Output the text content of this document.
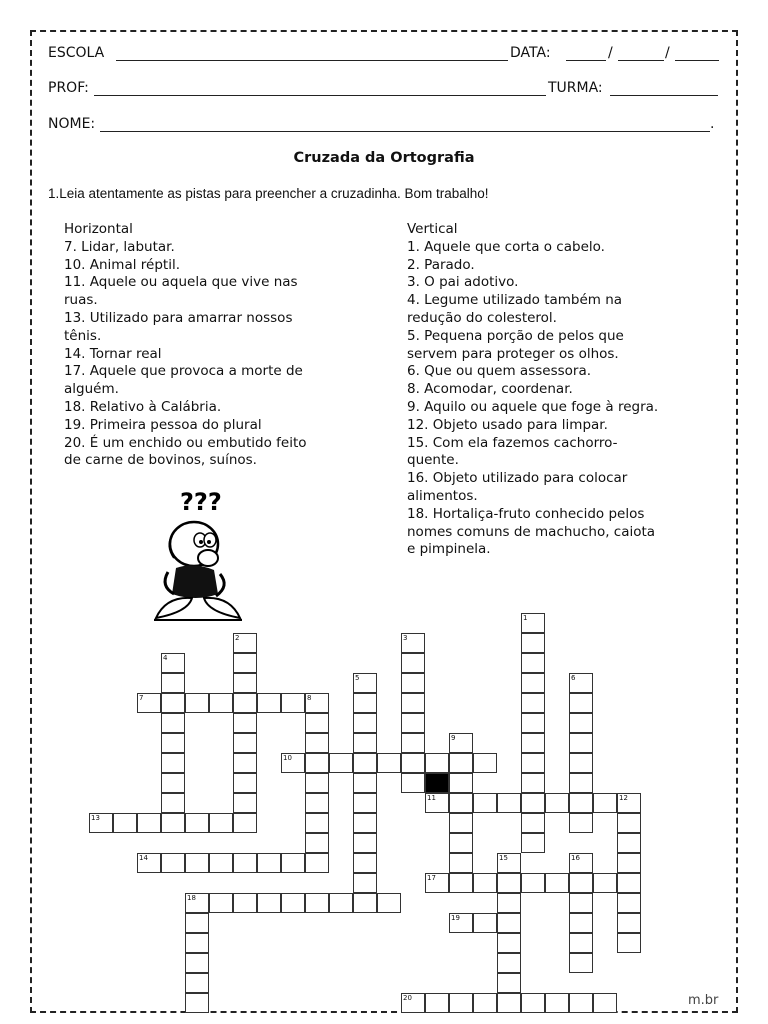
ESCOLA	DATA:	/	/
PROF:	TURMA:
NOME:	.
Cruzada da Ortografia
1.Leia atentamente as pistas para preencher a cruzadinha. Bom trabalho!
Horizontal
7. Lidar, labutar.
10. Animal réptil.
11. Aquele ou aquela que vive nas
ruas.
13. Utilizado para amarrar nossos
tênis.
14. Tornar real
17. Aquele que provoca a morte de
alguém.
18. Relativo à Calábria.
19. Primeira pessoa do plural
20. É um enchido ou embutido feito
de carne de bovinos, suínos.
Vertical
1. Aquele que corta o cabelo.
2. Parado.
3. O pai adotivo.
4. Legume utilizado também na
redução do colesterol.
5. Pequena porção de pelos que
servem para proteger os olhos.
6. Que ou quem assessora.
8. Acomodar, coordenar.
9. Aquilo ou aquele que foge à regra.
12. Objeto usado para limpar.
15. Com ela fazemos cachorro-
quente.
16. Objeto utilizado para colocar
alimentos.
18. Hortaliça-fruto conhecido pelos
nomes comuns de machucho, caiota
e pimpinela.
???
1
2	3
4
5	6
7	8
9
10
11	12
13
14	15	16
17
18
19
20	m.br
